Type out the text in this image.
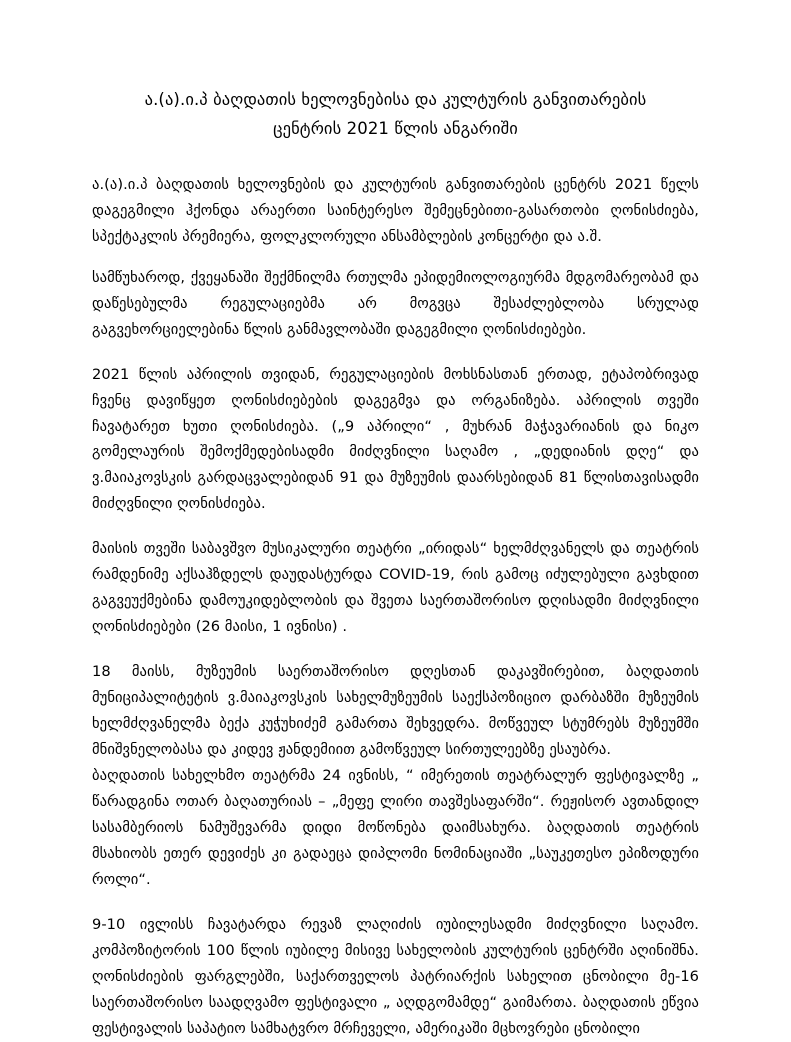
ა.(ა).ი.პ ბაღდათის ხელოვნებისა და კულტურის განვითარების
ცენტრის 2021 წლის ანგარიში

ა.(ა).ი.პ ბაღდათის ხელოვნების და კულტურის განვითარების ცენტრს 2021 წელს დაგეგმილი ჰქონდა არაერთი საინტერესო შემეცნებითი-გასართობი ღონისძიება, სპექტაკლის პრემიერა, ფოლკლორული ანსამბლების კონცერტი და ა.შ.

სამწუხაროდ, ქვეყანაში შექმნილმა რთულმა ეპიდემიოლოგიურმა მდგომარეობამ და დაწესებულმა რეგულაციებმა არ მოგვცა შესაძლებლობა სრულად გაგვეხორციელებინა წლის განმავლობაში დაგეგმილი ღონისძიებები.

2021 წლის აპრილის თვიდან, რეგულაციების მოხსნასთან ერთად, ეტაპობრივად ჩვენც დავიწყეთ ღონისძიებების დაგეგმვა და ორგანიზება. აპრილის თვეში ჩავატარეთ ხუთი ღონისძიება. („9 აპრილი“ , მუხრან მაჭავარიანის და ნიკო გომელაურის შემოქმედებისადმი მიძღვნილი საღამო , „დედიანის დღე“ და ვ.მაიაკოვსკის გარდაცვალებიდან 91 და მუზეუმის დაარსებიდან 81 წლისთავისადმი მიძღვნილი ღონისძიება.

მაისის თვეში საბავშვო მუსიკალური თეატრი „ირიდას“ ხელმძღვანელს და თეატრის რამდენიმე აქსაჰზდელს დაუდასტურდა COVID-19, რის გამოც იძულებული გავხდით გაგვეუქმებინა დამოუკიდებლობის და შვეთა საერთაშორისო დღისადმი მიძღვნილი ღონისძიებები (26 მაისი, 1 ივნისი) .

18 მაისს, მუზეუმის საერთაშორისო დღესთან დაკავშირებით, ბაღდათის მუნიციპალიტეტის ვ.მაიაკოვსკის სახელმუზეუმის საექსპოზიციო დარბაზში მუზეუმის ხელმძღვანელმა ბექა კუჭუხიძემ გამართა შეხვედრა. მოწვეულ სტუმრებს მუზეუმში მნიშვნელობასა და კიდევ ჟანდემიით გამოწვეულ სირთულეებზე ესაუბრა.

ბაღდათის სახელხმო თეატრმა 24 ივნისს, “ იმერეთის თეატრალურ ფესტივალზე „ წარადგინა ოთარ ბაღათურიას – „მეფე ლირი თავშესაფარში“. რეჟისორ ავთანდილ სასამბერიოს ნამუშევარმა დიდი მოწონება დაიმსახურა. ბაღდათის თეატრის მსახიობს ეთერ დევიძეს კი გადაეცა დიპლომი ნომინაციაში „საუკეთესო ეპიზოდური როლი“.

9-10 ივლისს ჩავატარდა რევაზ ლაღიძის იუბილესადმი მიძღვნილი საღამო. კომპოზიტორის 100 წლის იუბილე მისივე სახელობის კულტურის ცენტრში აღინიშნა. ღონისძიების ფარგლებში, საქართველოს პატრიარქის სახელით ცნობილი მე-16 საერთაშორისო საადღვამო ფესტივალი „ აღდგომამდე“ გაიმართა. ბაღდათის ეწვია ფესტივალის საპატიო სამხატვრო მრჩეველი, ამერიკაში მცხოვრები ცნობილი
